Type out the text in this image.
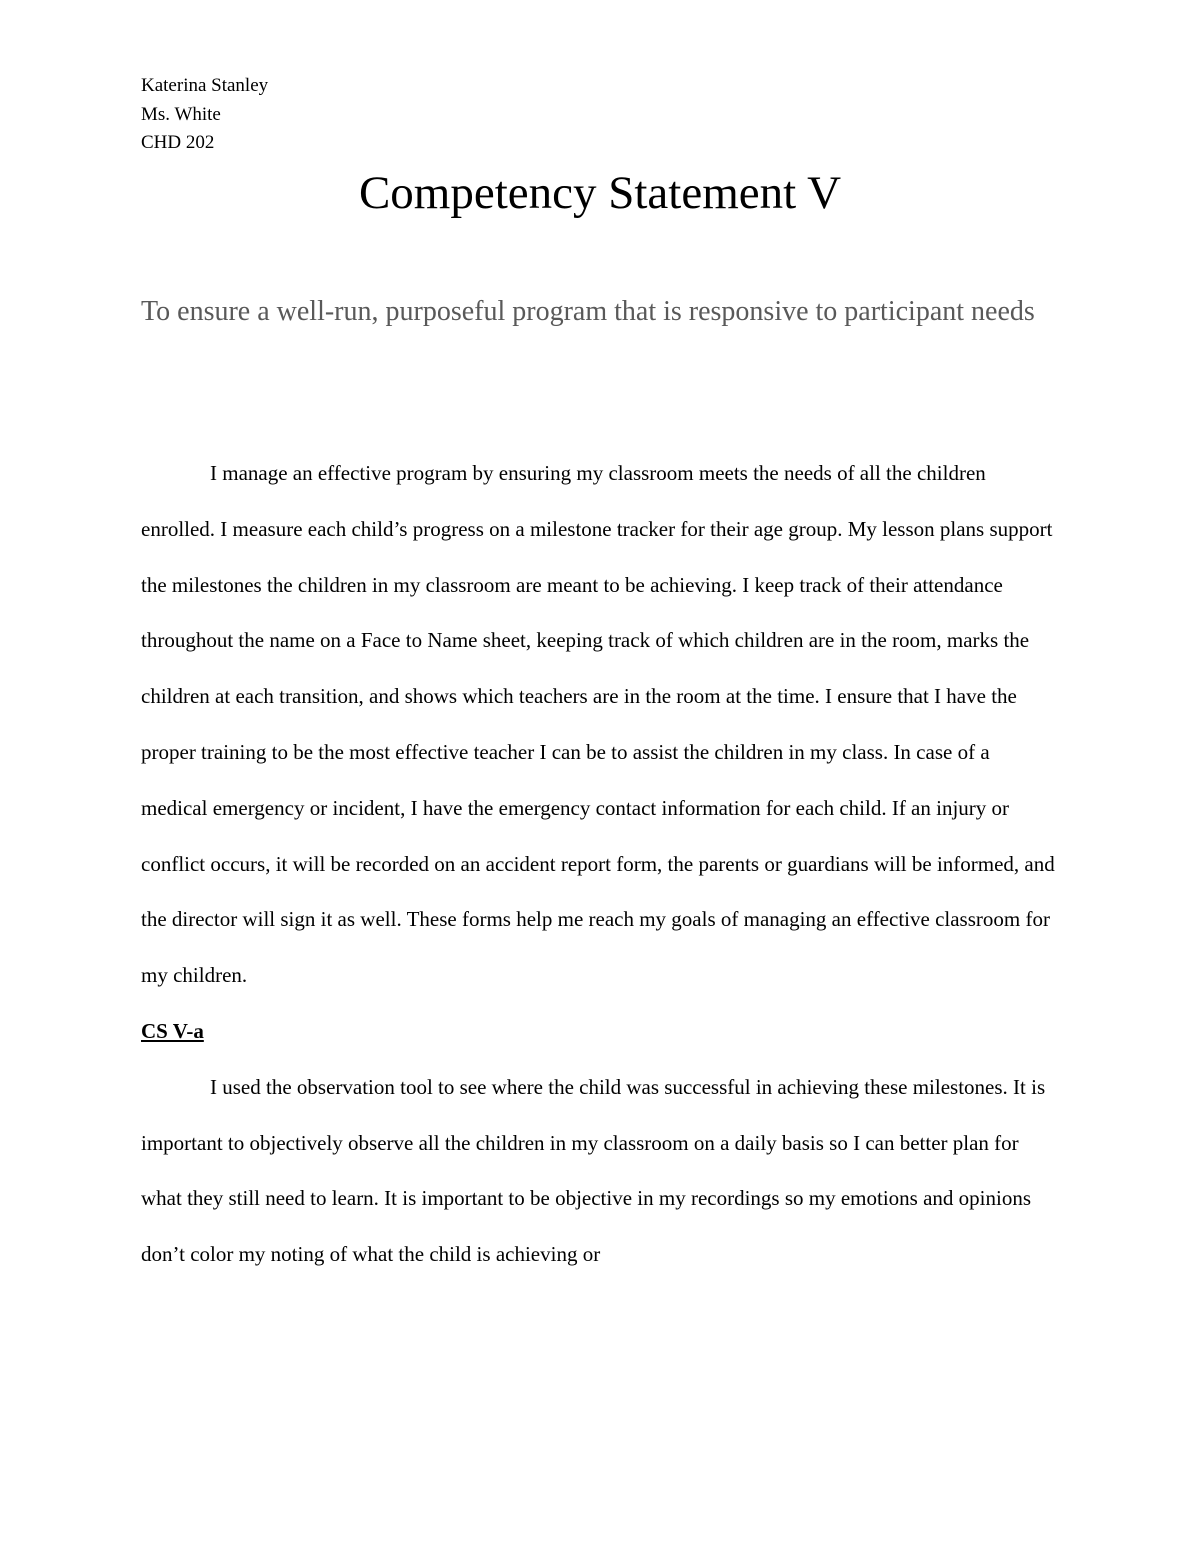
Katerina Stanley
Ms. White
CHD 202
Competency Statement V
To ensure a well-run, purposeful program that is responsive to participant needs

I manage an effective program by ensuring my classroom meets the needs of all the children enrolled. I measure each child’s progress on a milestone tracker for their age group. My lesson plans support the milestones the children in my classroom are meant to be achieving. I keep track of their attendance throughout the name on a Face to Name sheet, keeping track of which children are in the room, marks the children at each transition, and shows which teachers are in the room at the time. I ensure that I have the proper training to be the most effective teacher I can be to assist the children in my class. In case of a medical emergency or incident, I have the emergency contact information for each child. If an injury or conflict occurs, it will be recorded on an accident report form, the parents or guardians will be informed, and the director will sign it as well. These forms help me reach my goals of managing an effective classroom for my children.

CS V-a

I used the observation tool to see where the child was successful in achieving these milestones. It is important to objectively observe all the children in my classroom on a daily basis so I can better plan for what they still need to learn. It is important to be objective in my recordings so my emotions and opinions don’t color my noting of what the child is achieving or
